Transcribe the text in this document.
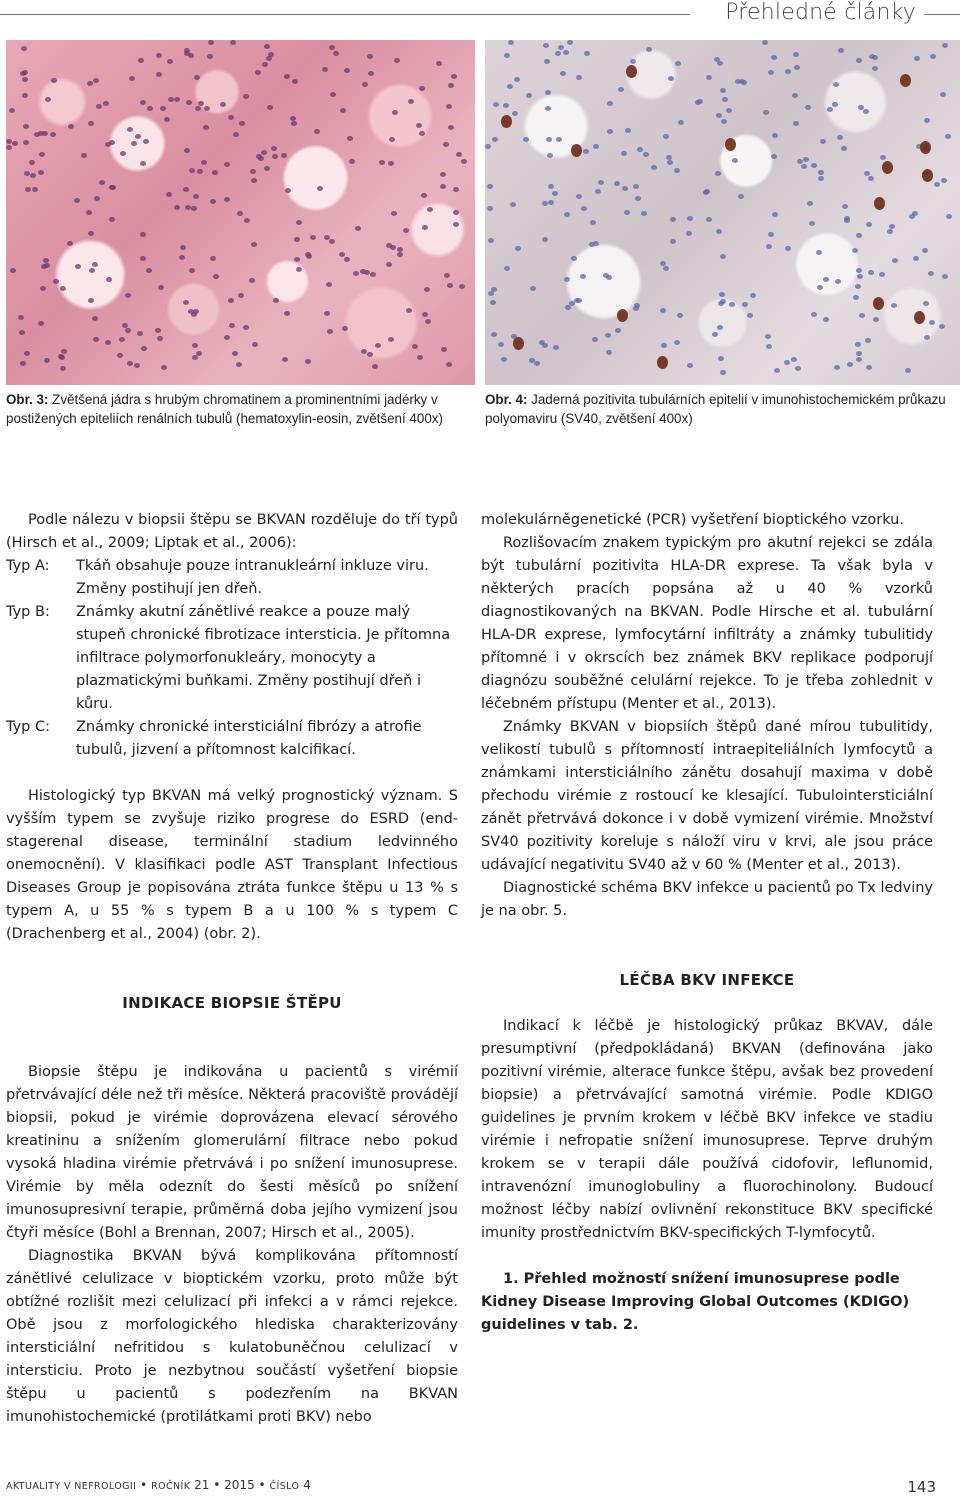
Přehledné články
Obr. 3: Zvětšená jádra s hrubým chromatinem a prominentními jadérky v postižených epiteliích renálních tubulů (hematoxylin-eosin, zvětšení 400x)
Obr. 4: Jaderná pozitivita tubulárních epitelií v imunohistochemickém průkazu polyomaviru (SV40, zvětšení 400x)

Podle nálezu v biopsii štěpu se BKVAN rozděluje do tří typů (Hirsch et al., 2009; Liptak et al., 2006):

Typ A:	Tkáň obsahuje pouze intranukleární inkluze viru. Změny postihují jen dřeň.
Typ B:	Známky akutní zánětlivé reakce a pouze malý stupeň chronické fibrotizace intersticia. Je přítomna infiltrace polymorfonukleáry, monocyty a plazmatickými buňkami. Změny postihují dřeň i kůru.
Typ C:	Známky chronické intersticiální fibrózy a atrofie tubulů, jizvení a přítomnost kalcifikací.

Histologický typ BKVAN má velký prognostický význam. S vyšším typem se zvyšuje riziko progrese do ESRD (end-stagerenal disease, terminální stadium ledvinného onemocnění). V klasifikaci podle AST Transplant Infectious Diseases Group je popisována ztráta funkce štěpu u 13 % s typem A, u 55 % s typem B a u 100 % s typem C (Drachenberg et al., 2004) (obr. 2).

INDIKACE BIOPSIE ŠTĚPU

Biopsie štěpu je indikována u pacientů s virémií přetrvávající déle než tři měsíce. Některá pracoviště provádějí biopsii, pokud je virémie doprovázena elevací sérového kreatininu a snížením glomerulární filtrace nebo pokud vysoká hladina virémie přetrvává i po snížení imunosuprese. Virémie by měla odeznít do šesti měsíců po snížení imunosupresivní terapie, průměrná doba jejího vymizení jsou čtyři měsíce (Bohl a Brennan, 2007; Hirsch et al., 2005).

Diagnostika BKVAN bývá komplikována přítomností zánětlivé celulizace v bioptickém vzorku, proto může být obtížné rozlišit mezi celulizací při infekci a v rámci rejekce. Obě jsou z morfologického hlediska charakterizovány intersticiální nefritidou s kulatobuněčnou celulizací v intersticiu. Proto je nezbytnou součástí vyšetření biopsie štěpu u pacientů s podezřením na BKVAN imunohistochemické (protilátkami proti BKV) nebo

molekulárněgenetické (PCR) vyšetření bioptického vzorku.

Rozlišovacím znakem typickým pro akutní rejekci se zdála být tubulární pozitivita HLA-DR exprese. Ta však byla v některých pracích popsána až u 40 % vzorků diagnostikovaných na BKVAN. Podle Hirsche et al. tubulární HLA-DR exprese, lymfocytární infiltráty a známky tubulitidy přítomné i v okrscích bez známek BKV replikace podporují diagnózu souběžné celulární rejekce. To je třeba zohlednit v léčebném přístupu (Menter et al., 2013).

Známky BKVAN v biopsiích štěpů dané mírou tubulitidy, velikostí tubulů s přítomností intraepiteliálních lymfocytů a známkami intersticiálního zánětu dosahují maxima v době přechodu virémie z rostoucí ke klesající. Tubulointersticiální zánět přetrvává dokonce i v době vymizení virémie. Množství SV40 pozitivity koreluje s náloží viru v krvi, ale jsou práce udávající negativitu SV40 až v 60 % (Menter et al., 2013).

Diagnostické schéma BKV infekce u pacientů po Tx ledviny je na obr. 5.

LÉČBA BKV INFEKCE

Indikací k léčbě je histologický průkaz BKVAV, dále presumptivní (předpokládaná) BKVAN (definována jako pozitivní virémie, alterace funkce štěpu, avšak bez provedení biopsie) a přetrvávající samotná virémie. Podle KDIGO guidelines je prvním krokem v léčbě BKV infekce ve stadiu virémie i nefropatie snížení imunosuprese. Teprve druhým krokem se v terapii dále používá cidofovir, leflunomid, intravenózní imunoglobuliny a fluorochinolony. Budoucí možnost léčby nabízí ovlivnění rekonstituce BKV specifické imunity prostřednictvím BKV-specifických T-lymfocytů.

1. Přehled možností snížení imunosuprese podle Kidney Disease Improving Global Outcomes (KDIGO) guidelines v tab. 2.

AKTUALITY V NEFROLOGII • ROČNÍK 21 • 2015 • ČÍSLO 4	143
